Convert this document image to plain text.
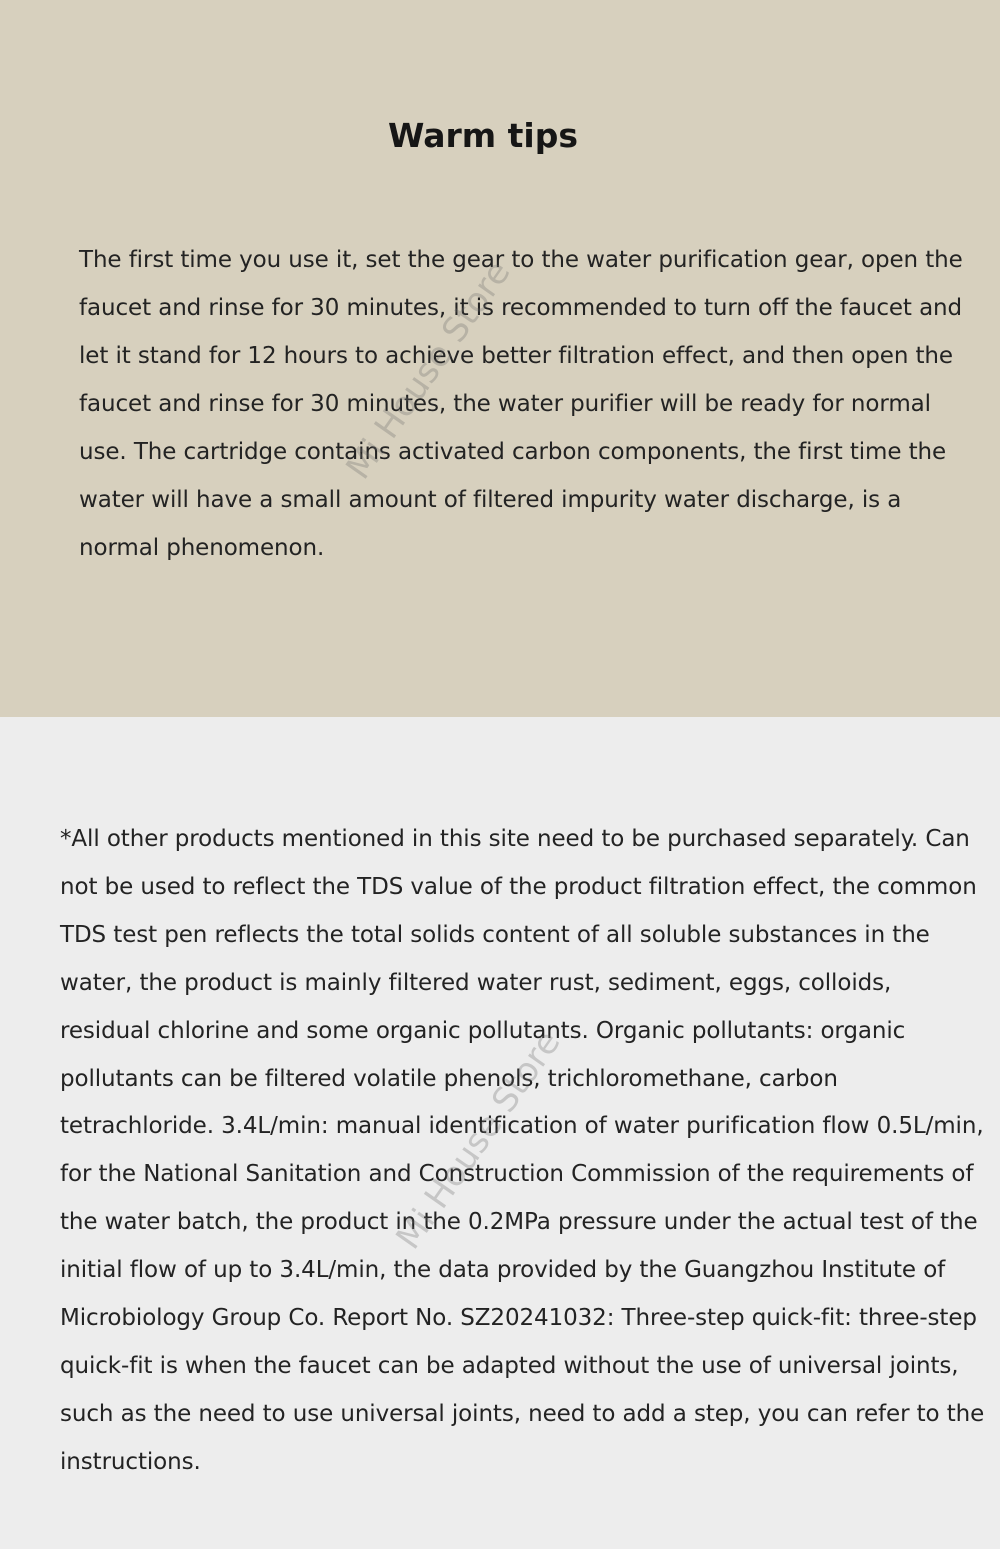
Warm tips

The first time you use it, set the gear to the water purification gear, open the faucet and rinse for 30 minutes, it is recommended to turn off the faucet and let it stand for 12 hours to achieve better filtration effect, and then open the faucet and rinse for 30 minutes, the water purifier will be ready for normal use. The cartridge contains activated carbon components, the first time the water will have a small amount of filtered impurity water discharge, is a normal phenomenon.

Mi House Store

*All other products mentioned in this site need to be purchased separately. Can not be used to reflect the TDS value of the product filtration effect, the common TDS test pen reflects the total solids content of all soluble substances in the water, the product is mainly filtered water rust, sediment, eggs, colloids, residual chlorine and some organic pollutants. Organic pollutants: organic pollutants can be filtered volatile phenols, trichloromethane, carbon tetrachloride. 3.4L/min: manual identification of water purification flow 0.5L/min, for the National Sanitation and Construction Commission of the requirements of the water batch, the product in the 0.2MPa pressure under the actual test of the initial flow of up to 3.4L/min, the data provided by the Guangzhou Institute of Microbiology Group Co. Report No. SZ20241032: Three-step quick-fit: three-step quick-fit is when the faucet can be adapted without the use of universal joints, such as the need to use universal joints, need to add a step, you can refer to the instructions.

Mi House Store
